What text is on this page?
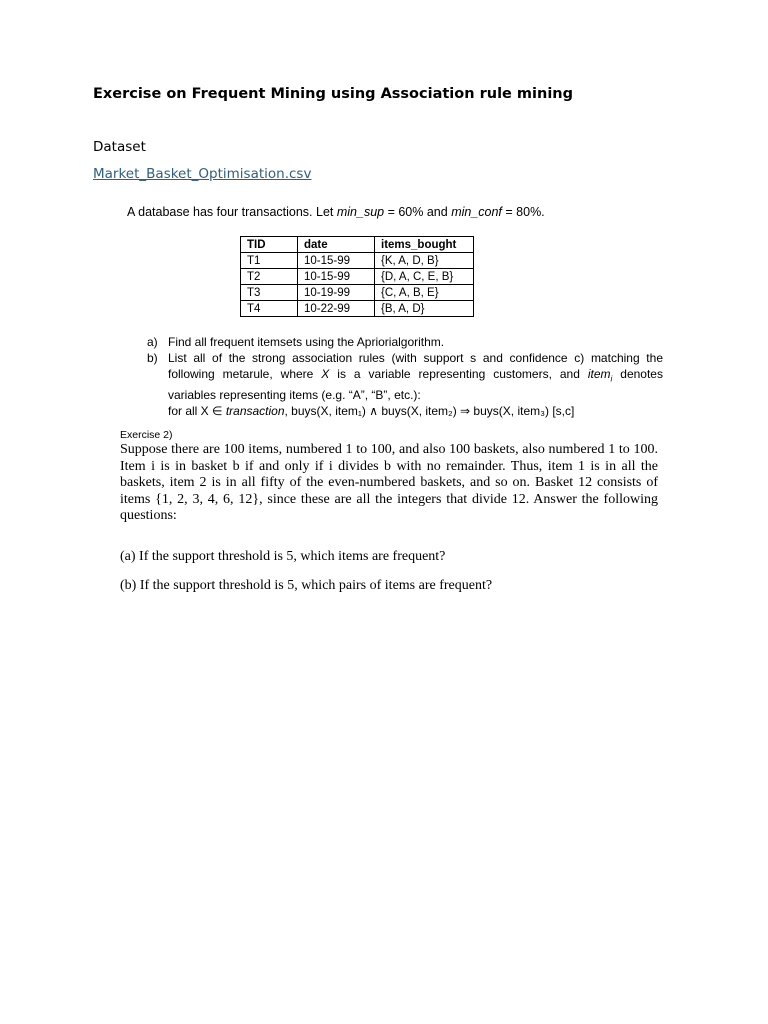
Exercise on Frequent Mining using Association rule mining

Dataset

Market_Basket_Optimisation.csv

A database has four transactions. Let min_sup = 60% and min_conf = 80%.

TID	date	items_bought
T1	10-15-99	{K, A, D, B}
T2	10-15-99	{D, A, C, E, B}
T3	10-19-99	{C, A, B, E}
T4	10-22-99	{B, A, D}
a) Find all frequent itemsets using the Apriorialgorithm.
b) List all of the strong association rules (with support s and confidence c) matching the following metarule, where X is a variable representing customers, and item$_i$ denotes variables representing items (e.g. “A”, “B”, etc.):
for all X ∈ transaction, buys(X, item₁) ∧ buys(X, item₂) ⇒ buys(X, item₃) [s,c]

Exercise 2)

Suppose there are 100 items, numbered 1 to 100, and also 100 baskets, also numbered 1 to 100. Item i is in basket b if and only if i divides b with no remainder. Thus, item 1 is in all the baskets, item 2 is in all fifty of the even-numbered baskets, and so on. Basket 12 consists of items {1, 2, 3, 4, 6, 12}, since these are all the integers that divide 12. Answer the following questions:

(a) If the support threshold is 5, which items are frequent?

(b) If the support threshold is 5, which pairs of items are frequent?
